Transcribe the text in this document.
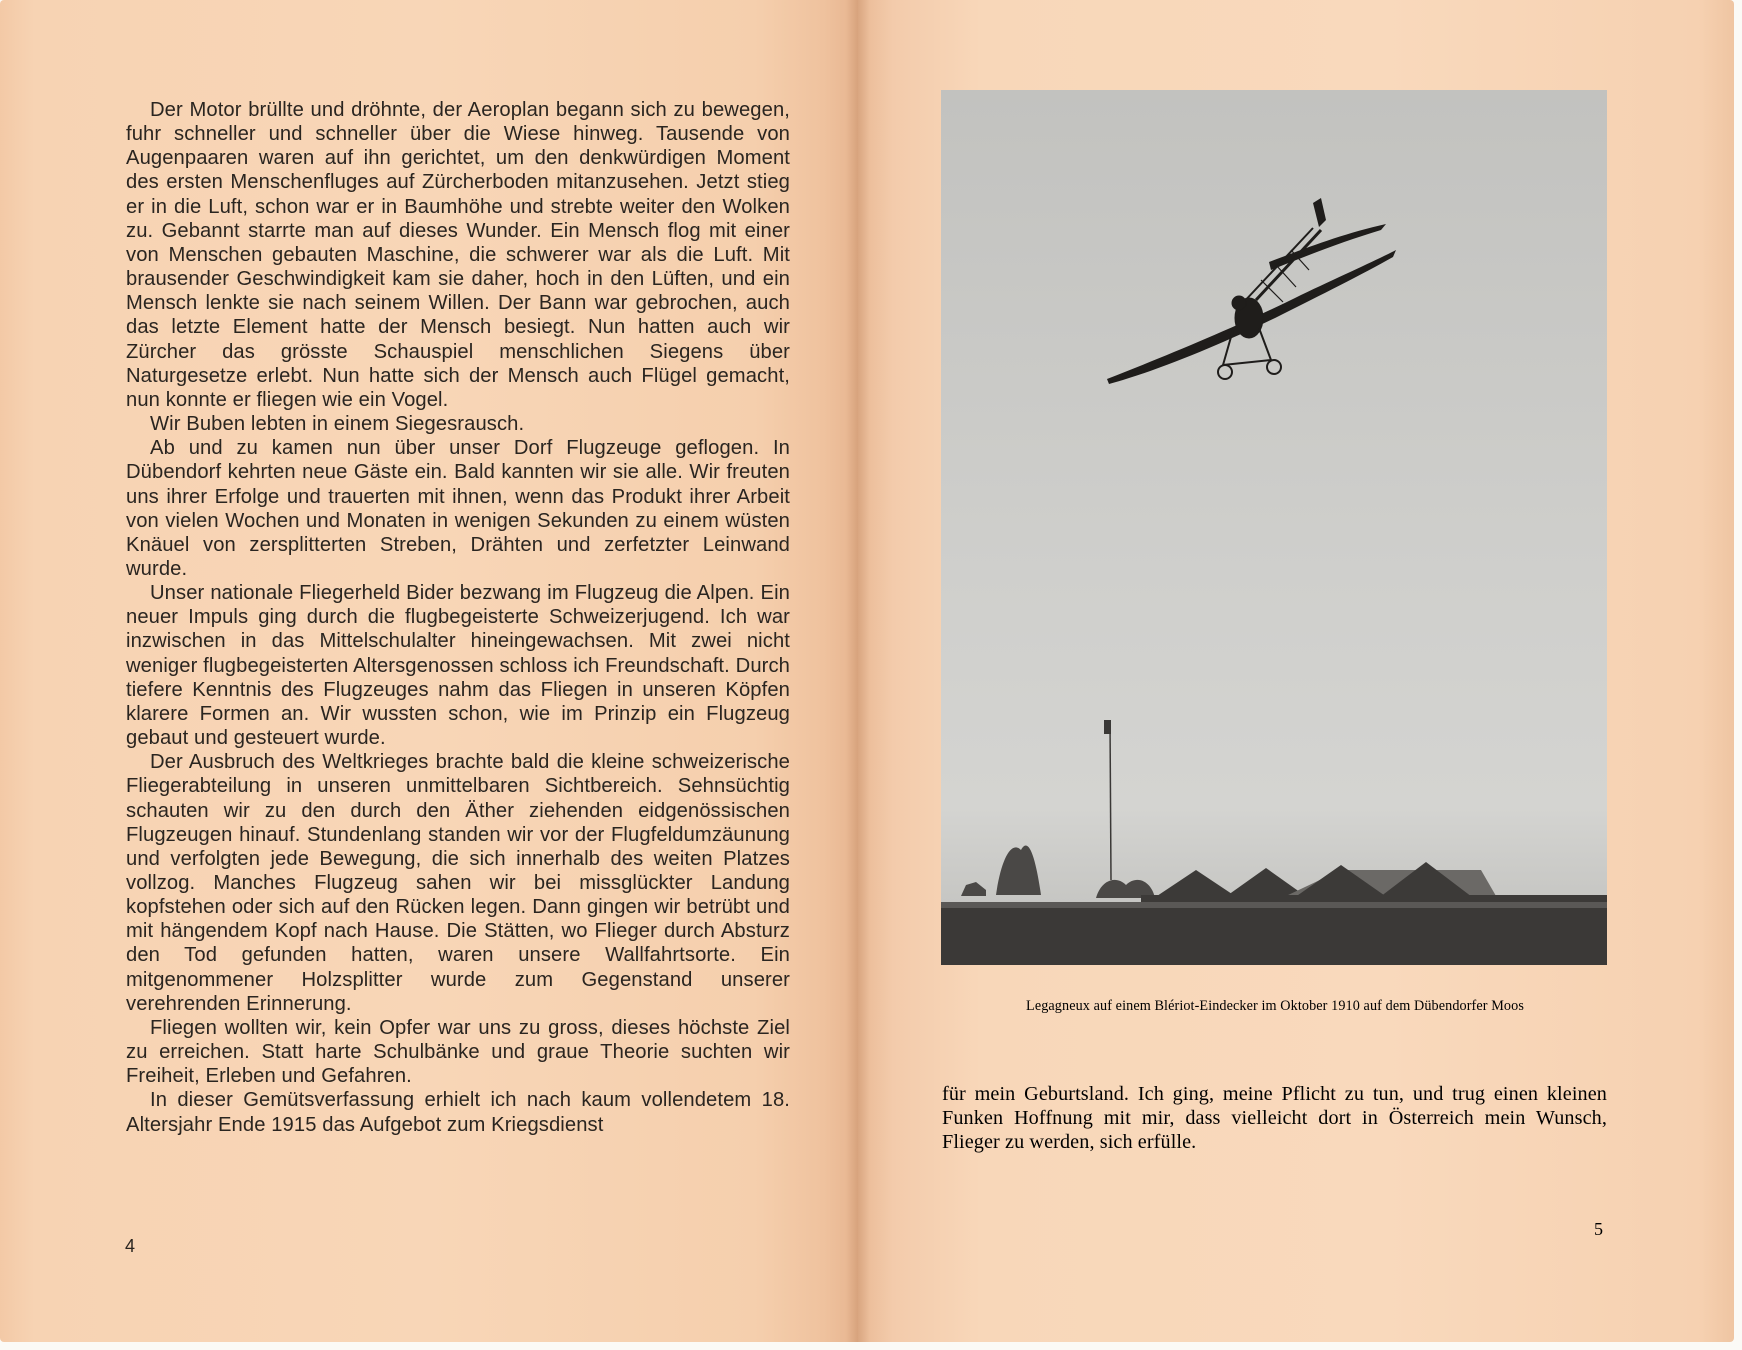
Der Motor brüllte und dröhnte, der Aeroplan begann sich zu bewegen, fuhr schneller und schneller über die Wiese hinweg. Tausende von Augenpaaren waren auf ihn gerichtet, um den denkwürdigen Moment des ersten Menschenfluges auf Zürcherboden mitanzusehen. Jetzt stieg er in die Luft, schon war er in Baumhöhe und strebte weiter den Wolken zu. Gebannt starrte man auf dieses Wunder. Ein Mensch flog mit einer von Menschen gebauten Maschine, die schwerer war als die Luft. Mit brausender Geschwindigkeit kam sie daher, hoch in den Lüften, und ein Mensch lenkte sie nach seinem Willen. Der Bann war gebrochen, auch das letzte Element hatte der Mensch besiegt. Nun hatten auch wir Zürcher das grösste Schauspiel menschlichen Siegens über Naturgesetze erlebt. Nun hatte sich der Mensch auch Flügel gemacht, nun konnte er fliegen wie ein Vogel.

Wir Buben lebten in einem Siegesrausch.

Ab und zu kamen nun über unser Dorf Flugzeuge geflogen. In Dübendorf kehrten neue Gäste ein. Bald kannten wir sie alle. Wir freuten uns ihrer Erfolge und trauerten mit ihnen, wenn das Produkt ihrer Arbeit von vielen Wochen und Monaten in wenigen Sekunden zu einem wüsten Knäuel von zersplitterten Streben, Drähten und zerfetzter Leinwand wurde.

Unser nationale Fliegerheld Bider bezwang im Flugzeug die Alpen. Ein neuer Impuls ging durch die flugbegeisterte Schweizerjugend. Ich war inzwischen in das Mittelschulalter hineingewachsen. Mit zwei nicht weniger flugbegeisterten Altersgenossen schloss ich Freundschaft. Durch tiefere Kenntnis des Flugzeuges nahm das Fliegen in unseren Köpfen klarere Formen an. Wir wussten schon, wie im Prinzip ein Flugzeug gebaut und gesteuert wurde.

Der Ausbruch des Weltkrieges brachte bald die kleine schweizerische Fliegerabteilung in unseren unmittelbaren Sichtbereich. Sehnsüchtig schauten wir zu den durch den Äther ziehenden eidgenössischen Flugzeugen hinauf. Stundenlang standen wir vor der Flugfeldumzäunung und verfolgten jede Bewegung, die sich innerhalb des weiten Platzes vollzog. Manches Flugzeug sahen wir bei missglückter Landung kopfstehen oder sich auf den Rücken legen. Dann gingen wir betrübt und mit hängendem Kopf nach Hause. Die Stätten, wo Flieger durch Absturz den Tod gefunden hatten, waren unsere Wallfahrtsorte. Ein mitgenommener Holzsplitter wurde zum Gegenstand unserer verehrenden Erinnerung.

Fliegen wollten wir, kein Opfer war uns zu gross, dieses höchste Ziel zu erreichen. Statt harte Schulbänke und graue Theorie suchten wir Freiheit, Erleben und Gefahren.

In dieser Gemütsverfassung erhielt ich nach kaum vollendetem 18. Altersjahr Ende 1915 das Aufgebot zum Kriegsdienst

4
Legagneux auf einem Blériot-Eindecker im Oktober 1910 auf dem Dübendorfer Moos

für mein Geburtsland. Ich ging, meine Pflicht zu tun, und trug einen kleinen Funken Hoffnung mit mir, dass vielleicht dort in Österreich mein Wunsch, Flieger zu werden, sich erfülle.

5
